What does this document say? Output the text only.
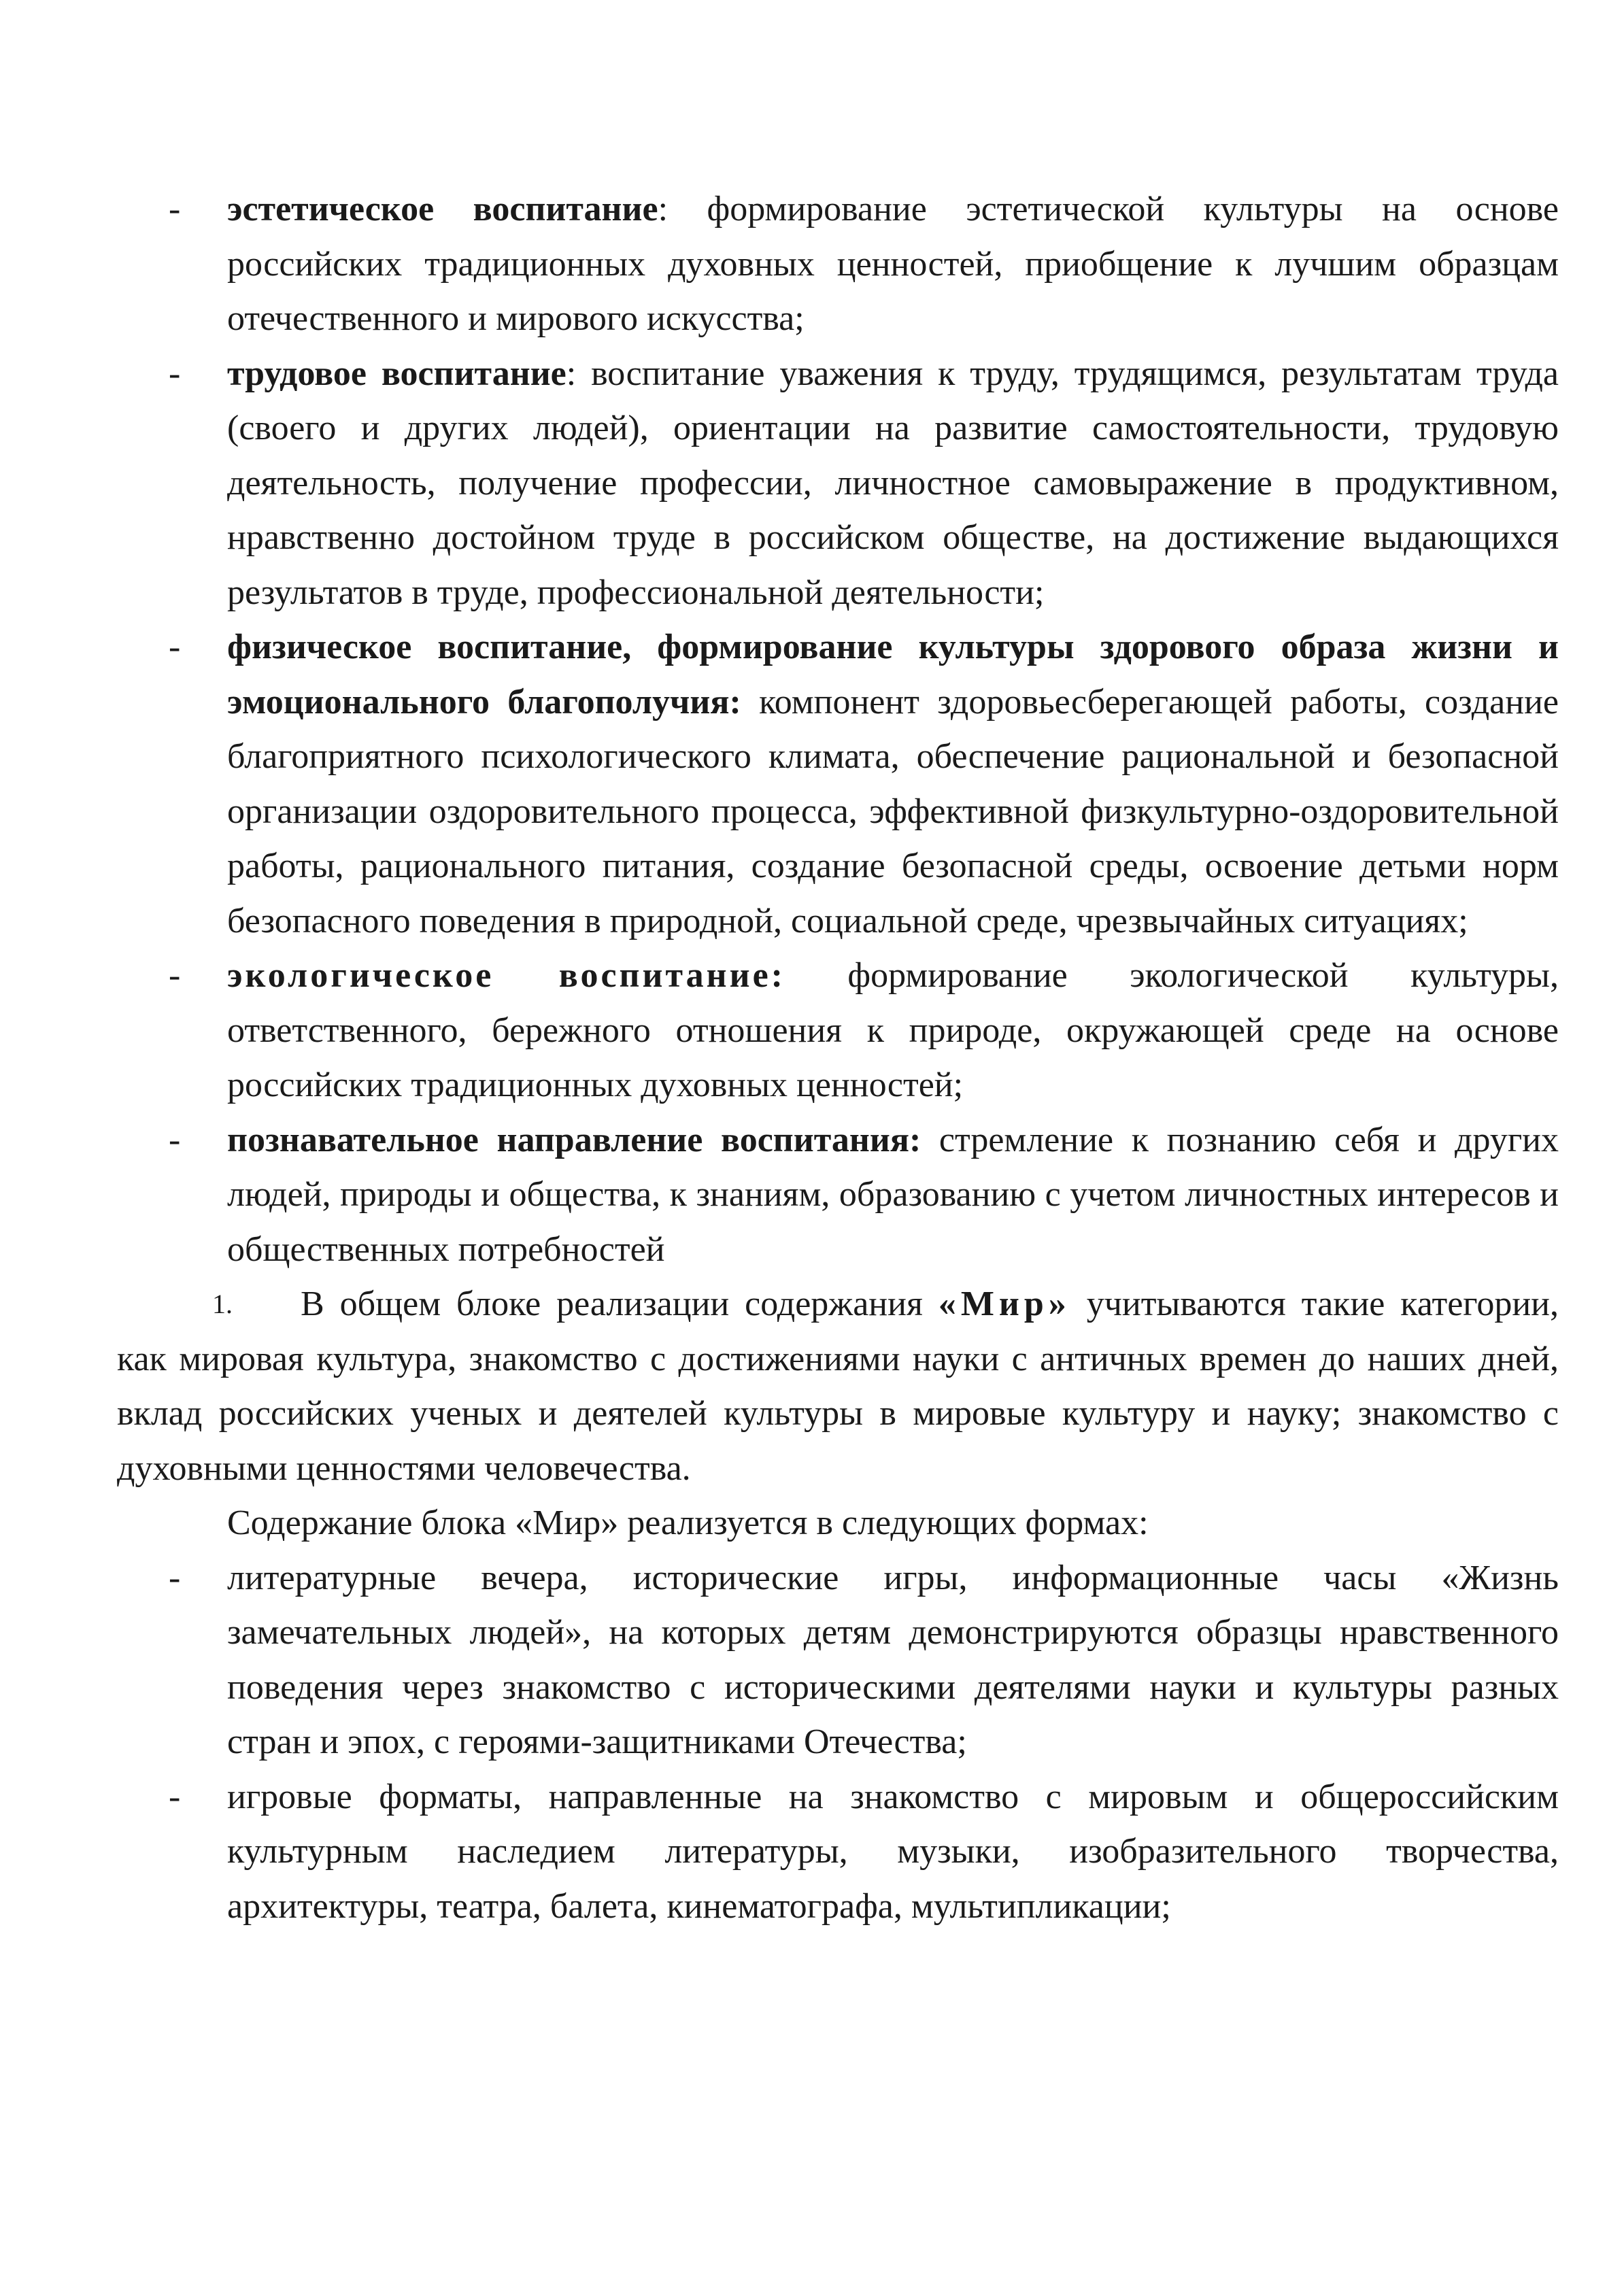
- эстетическое воспитание: формирование эстетической культуры на основе российских традиционных духовных ценностей, приобщение к лучшим образцам отечественного и мирового искусства;

- трудовое воспитание: воспитание уважения к труду, трудящимся, результатам труда (своего и других людей), ориентации на развитие самостоятельности, трудовую деятельность, получение профессии, личностное самовыражение в продуктивном, нравственно достойном труде в российском обществе, на достижение выдающихся результатов в труде, профессиональной деятельности;

- физическое воспитание, формирование культуры здорового образа жизни и эмоционального благополучия: компонент здоровьесберегающей работы, создание благоприятного психологического климата, обеспечение рациональной и безопасной организации оздоровительного процесса, эффективной физкультурно-оздоровительной работы, рационального питания, создание безопасной среды, освоение детьми норм безопасного поведения в природной, социальной среде, чрезвычайных ситуациях;

- экологическое воспитание: формирование экологической культуры, ответственного, бережного отношения к природе, окружающей среде на основе российских традиционных духовных ценностей;

- познавательное направление воспитания: стремление к познанию себя и других людей, природы и общества, к знаниям, образованию с учетом личностных интересов и общественных потребностей

1. В общем блоке реализации содержания «Мир» учитываются такие категории, как мировая культура, знакомство с достижениями науки с античных времен до наших дней, вклад российских ученых и деятелей культуры в мировые культуру и науку; знакомство с духовными ценностями человечества.

Содержание блока «Мир» реализуется в следующих формах:

- литературные вечера, исторические игры, информационные часы «Жизнь замечательных людей», на которых детям демонстрируются образцы нравственного поведения через знакомство с историческими деятелями науки и культуры разных стран и эпох, с героями-защитниками Отечества;

- игровые форматы, направленные на знакомство с мировым и общероссийским культурным наследием литературы, музыки, изобразительного творчества, архитектуры, театра, балета, кинематографа, мультипликации;
